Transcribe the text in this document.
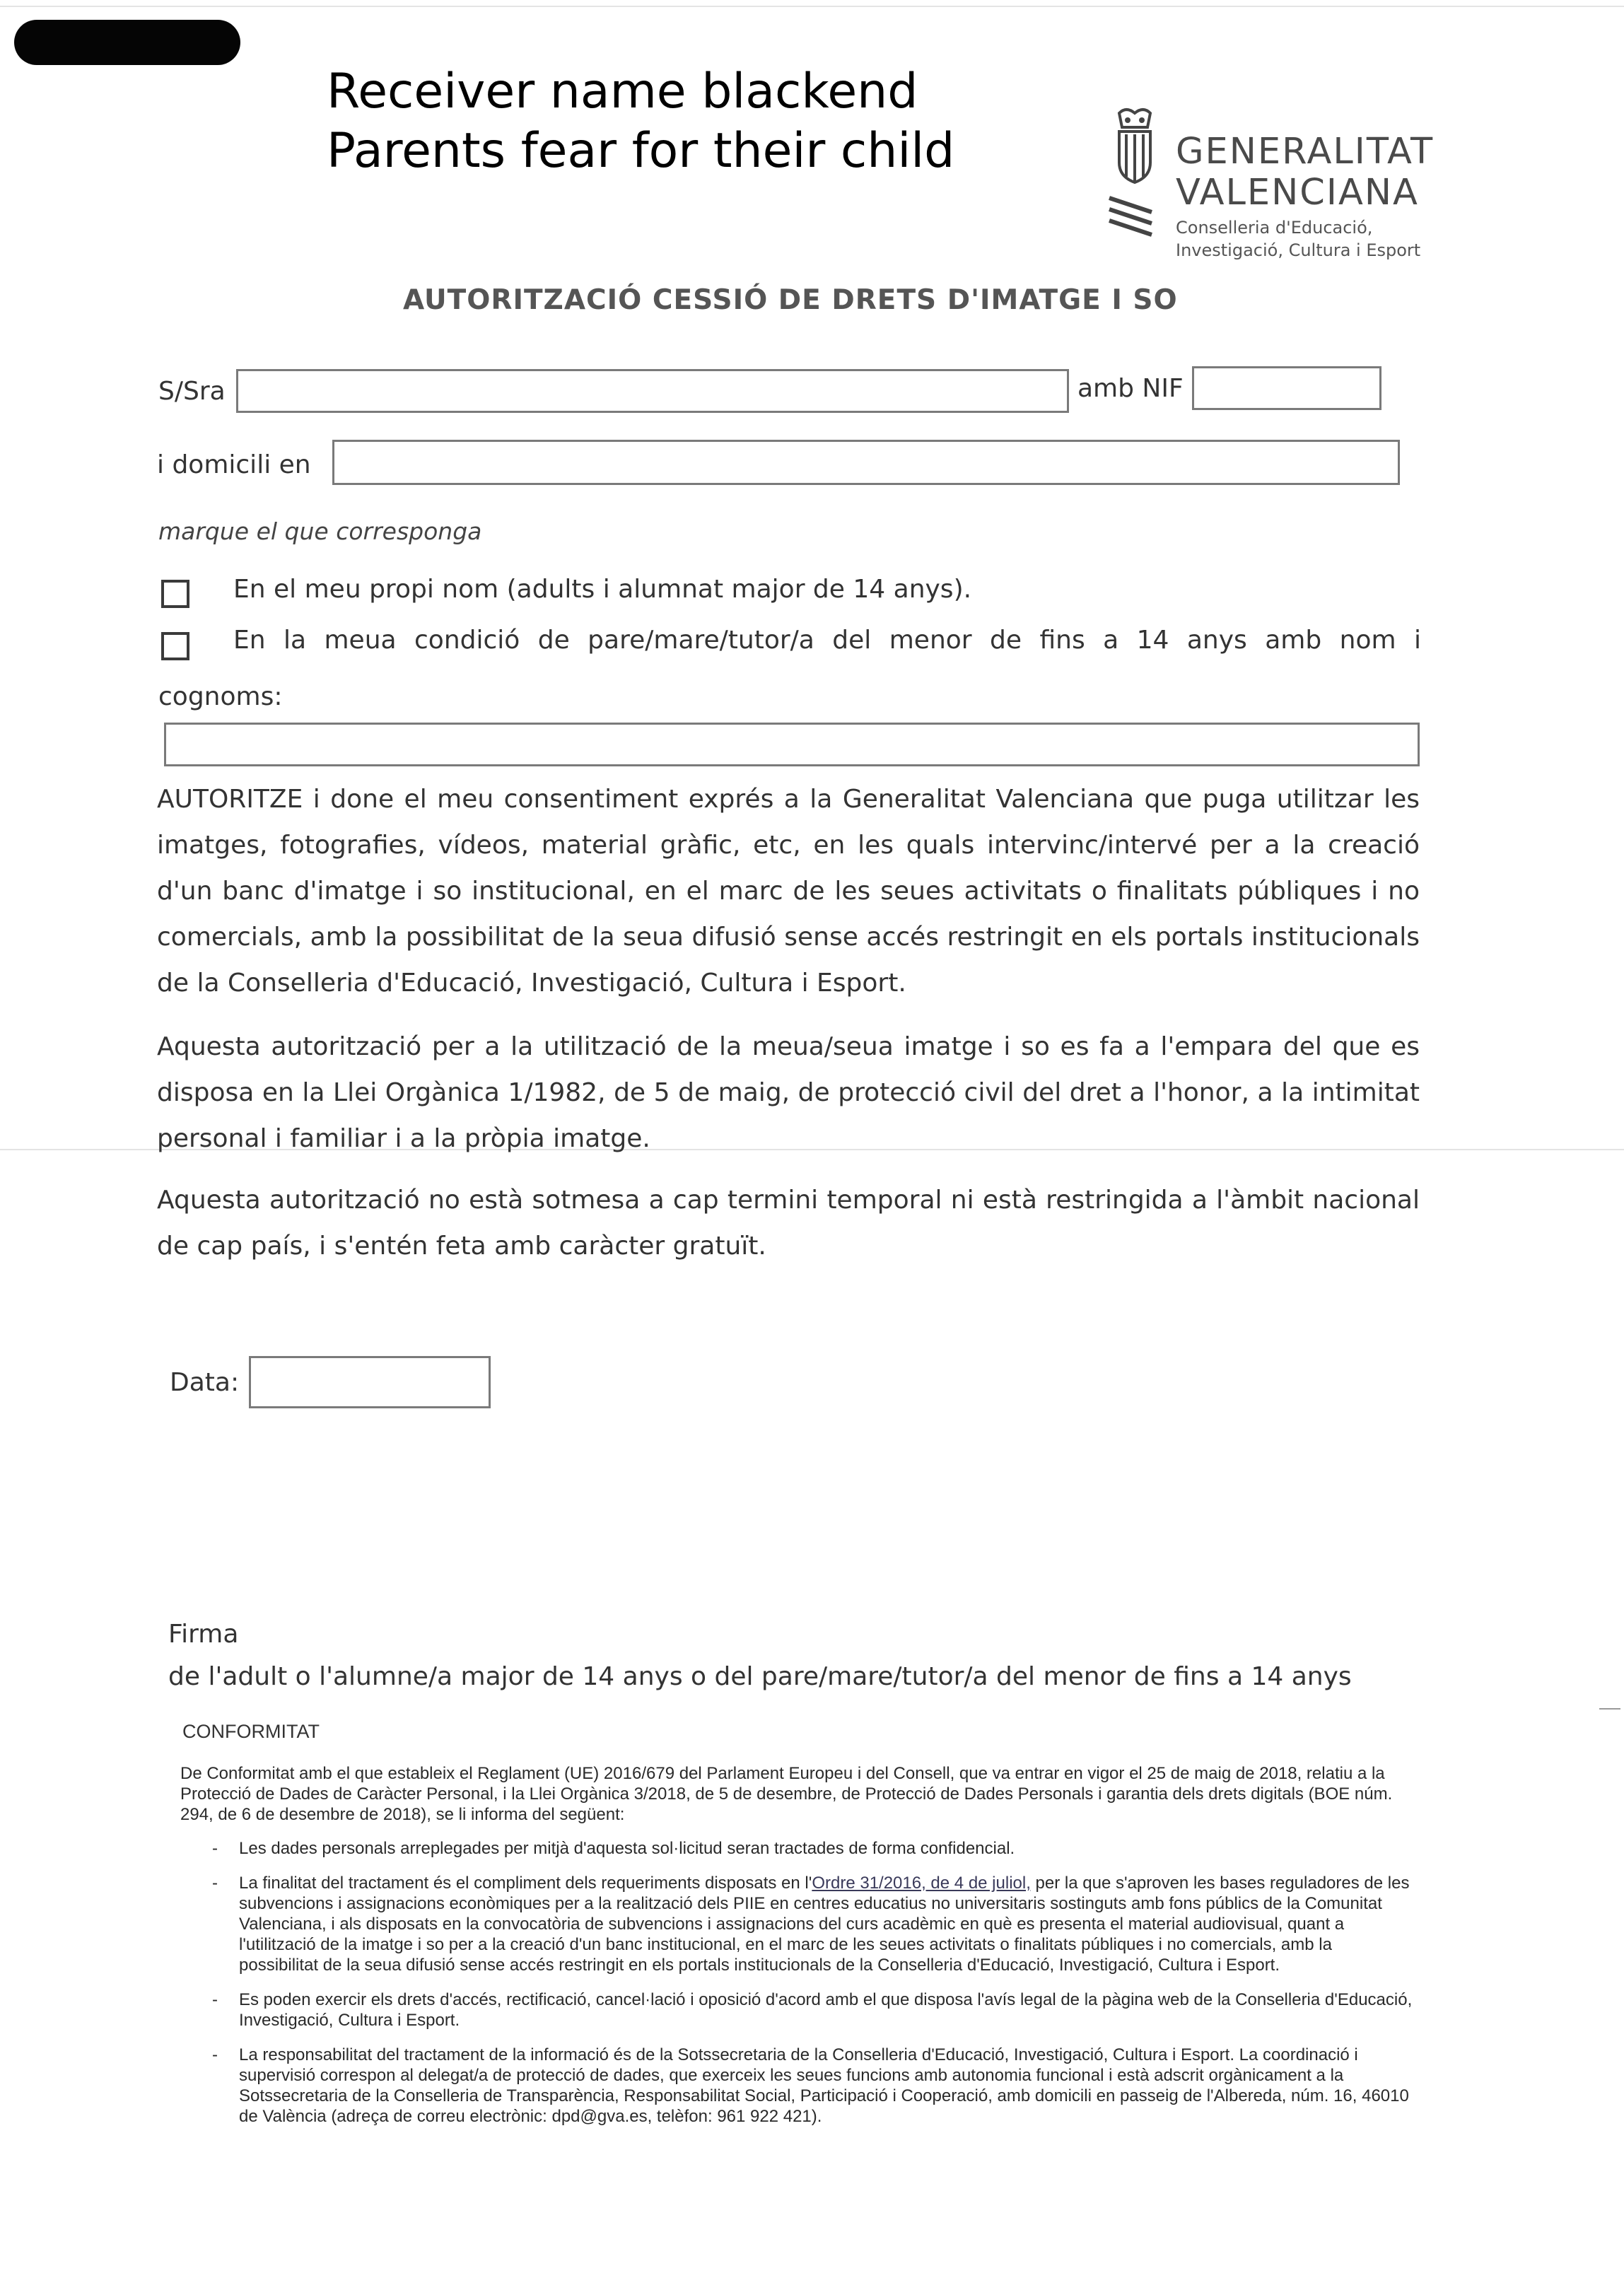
Receiver name blackend
Parents fear for their child	GENERALITAT
VALENCIANA
Conselleria d'Educació,
Investigació, Cultura i Esport
AUTORITZACIÓ CESSIÓ DE DRETS D'IMATGE I SO
S/Sra	amb NIF
i domicili en
marque el que corresponga
En el meu propi nom (adults i alumnat major de 14 anys).
En la meua condició de pare/mare/tutor/a del menor de fins a 14 anys amb nom i
cognoms:

AUTORITZE i done el meu consentiment exprés a la Generalitat Valenciana que puga utilitzar les imatges, fotografies, vídeos, material gràfic, etc, en les quals intervinc/intervé per a la creació d'un banc d'imatge i so institucional, en el marc de les seues activitats o finalitats públiques i no comercials, amb la possibilitat de la seua difusió sense accés restringit en els portals institucionals de la Conselleria d'Educació, Investigació, Cultura i Esport.

Aquesta autorització per a la utilització de la meua/seua imatge i so es fa a l'empara del que es disposa en la Llei Orgànica 1/1982, de 5 de maig, de protecció civil del dret a l'honor, a la intimitat personal i familiar i a la pròpia imatge.

Aquesta autorització no està sotmesa a cap termini temporal ni està restringida a l'àmbit nacional de cap país, i s'entén feta amb caràcter gratuït.

Data:
Firma
de l'adult o l'alumne/a major de 14 anys o del pare/mare/tutor/a del menor de fins a 14 anys
CONFORMITAT

De Conformitat amb el que estableix el Reglament (UE) 2016/679 del Parlament Europeu i del Consell, que va entrar en vigor el 25 de maig de 2018, relatiu a la Protecció de Dades de Caràcter Personal, i la Llei Orgànica 3/2018, de 5 de desembre, de Protecció de Dades Personals i garantia dels drets digitals (BOE núm. 294, de 6 de desembre de 2018), se li informa del següent:

- Les dades personals arreplegades per mitjà d'aquesta sol·licitud seran tractades de forma confidencial.
- La finalitat del tractament és el compliment dels requeriments disposats en l'Ordre 31/2016, de 4 de juliol, per la que s'aproven les bases reguladores de les subvencions i assignacions econòmiques per a la realització dels PIIE en centres educatius no universitaris sostinguts amb fons públics de la Comunitat Valenciana, i als disposats en la convocatòria de subvencions i assignacions del curs acadèmic en què es presenta el material audiovisual, quant a l'utilització de la imatge i so per a la creació d'un banc institucional, en el marc de les seues activitats o finalitats públiques i no comercials, amb la possibilitat de la seua difusió sense accés restringit en els portals institucionals de la Conselleria d'Educació, Investigació, Cultura i Esport.
- Es poden exercir els drets d'accés, rectificació, cancel·lació i oposició d'acord amb el que disposa l'avís legal de la pàgina web de la Conselleria d'Educació, Investigació, Cultura i Esport.
- La responsabilitat del tractament de la informació és de la Sotssecretaria de la Conselleria d'Educació, Investigació, Cultura i Esport. La coordinació i supervisió correspon al delegat/a de protecció de dades, que exerceix les seues funcions amb autonomia funcional i està adscrit orgànicament a la Sotssecretaria de la Conselleria de Transparència, Responsabilitat Social, Participació i Cooperació, amb domicili en passeig de l'Albereda, núm. 16, 46010 de València (adreça de correu electrònic: dpd@gva.es, telèfon: 961 922 421).
